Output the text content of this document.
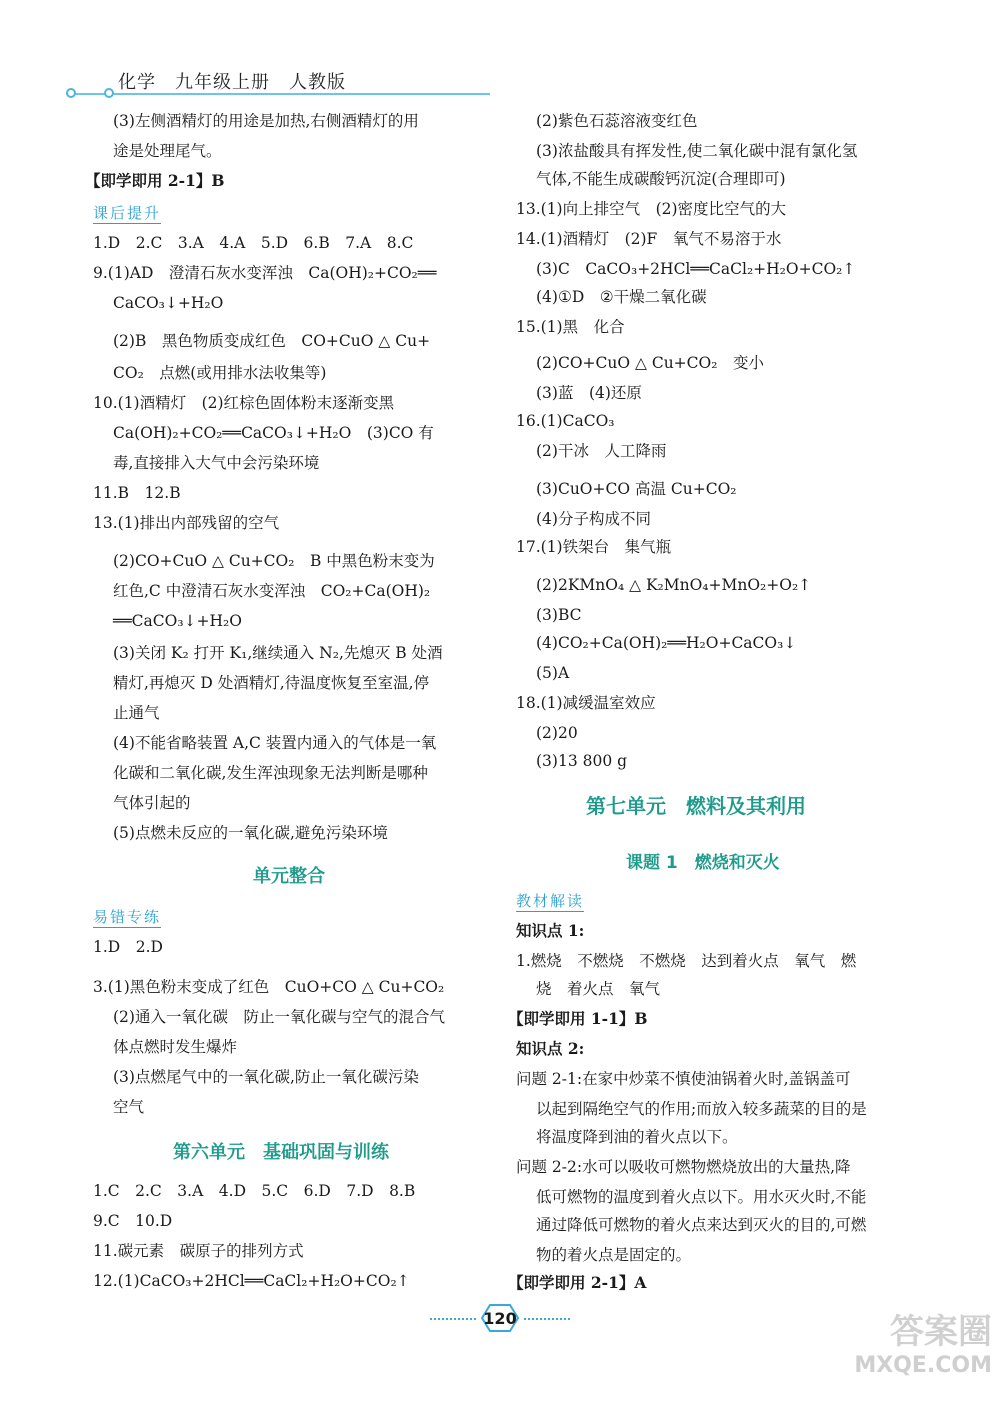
化学　九年级上册　人教版
(3)左侧酒精灯的用途是加热,右侧酒精灯的用
途是处理尾气。
【即学即用 2-1】B
课后提升
1.D　2.C　3.A　4.A　5.D　6.B　7.A　8.C
9.(1)AD　澄清石灰水变浑浊　Ca(OH)₂+CO₂══
CaCO₃↓+H₂O
(2)B　黑色物质变成红色　CO+CuO △ Cu+
CO₂　点燃(或用排水法收集等)
10.(1)酒精灯　(2)红棕色固体粉末逐渐变黑
Ca(OH)₂+CO₂══CaCO₃↓+H₂O　(3)CO 有
毒,直接排入大气中会污染环境
11.B　12.B
13.(1)排出内部残留的空气
(2)CO+CuO △ Cu+CO₂　B 中黑色粉末变为
红色,C 中澄清石灰水变浑浊　CO₂+Ca(OH)₂
══CaCO₃↓+H₂O
(3)关闭 K₂ 打开 K₁,继续通入 N₂,先熄灭 B 处酒
精灯,再熄灭 D 处酒精灯,待温度恢复至室温,停
止通气
(4)不能省略装置 A,C 装置内通入的气体是一氧
化碳和二氧化碳,发生浑浊现象无法判断是哪种
气体引起的
(5)点燃未反应的一氧化碳,避免污染环境
单元整合
易错专练
1.D　2.D
3.(1)黑色粉末变成了红色　CuO+CO △ Cu+CO₂
(2)通入一氧化碳　防止一氧化碳与空气的混合气
体点燃时发生爆炸
(3)点燃尾气中的一氧化碳,防止一氧化碳污染
空气
第六单元　基础巩固与训练
1.C　2.C　3.A　4.D　5.C　6.D　7.D　8.B
9.C　10.D
11.碳元素　碳原子的排列方式
12.(1)CaCO₃+2HCl══CaCl₂+H₂O+CO₂↑
(2)紫色石蕊溶液变红色
(3)浓盐酸具有挥发性,使二氧化碳中混有氯化氢
气体,不能生成碳酸钙沉淀(合理即可)
13.(1)向上排空气　(2)密度比空气的大
14.(1)酒精灯　(2)F　氧气不易溶于水
(3)C　CaCO₃+2HCl══CaCl₂+H₂O+CO₂↑
(4)①D　②干燥二氧化碳
15.(1)黑　化合
(2)CO+CuO △ Cu+CO₂　变小
(3)蓝　(4)还原
16.(1)CaCO₃
(2)干冰　人工降雨
(3)CuO+CO 高温 Cu+CO₂
(4)分子构成不同
17.(1)铁架台　集气瓶
(2)2KMnO₄ △ K₂MnO₄+MnO₂+O₂↑
(3)BC
(4)CO₂+Ca(OH)₂══H₂O+CaCO₃↓
(5)A
18.(1)减缓温室效应
(2)20
(3)13 800 g
第七单元　燃料及其利用
课题 1　燃烧和灭火
教材解读
知识点 1:
1.燃烧　不燃烧　不燃烧　达到着火点　氧气　燃
烧　着火点　氧气
【即学即用 1-1】B
知识点 2:
问题 2-1:在家中炒菜不慎使油锅着火时,盖锅盖可
以起到隔绝空气的作用;而放入较多蔬菜的目的是
将温度降到油的着火点以下。
问题 2-2:水可以吸收可燃物燃烧放出的大量热,降
低可燃物的温度到着火点以下。用水灭火时,不能
通过降低可燃物的着火点来达到灭火的目的,可燃
物的着火点是固定的。
【即学即用 2-1】A
120	答案圈
MXQE.COM
